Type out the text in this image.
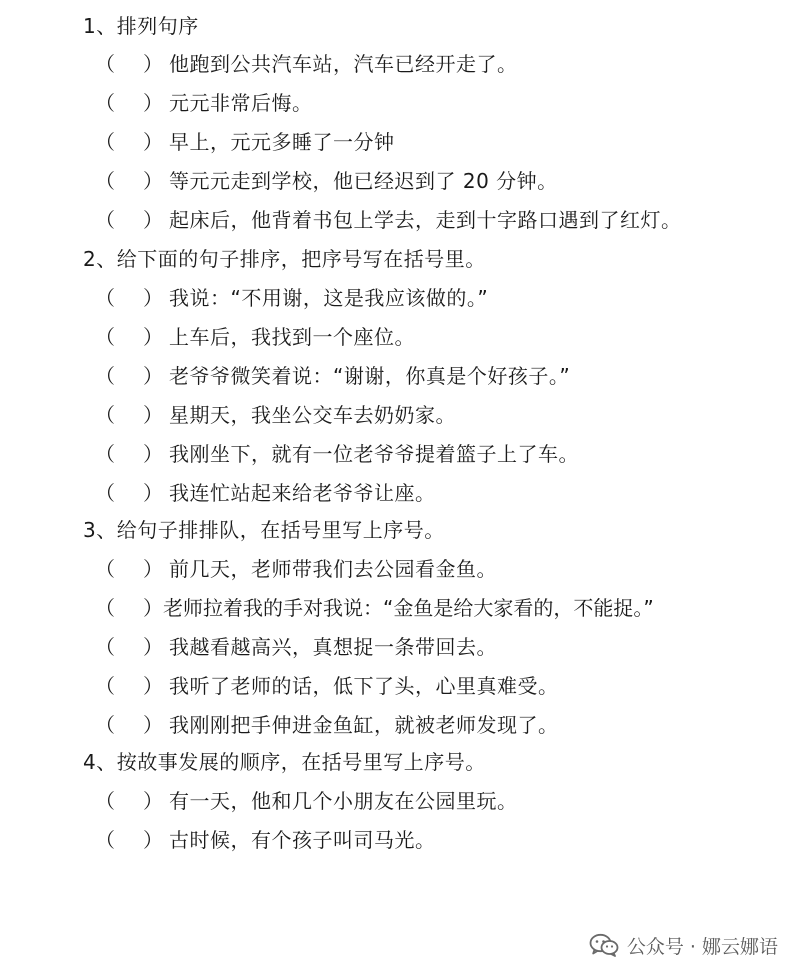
1、排列句序
（ ） 他跑到公共汽车站，汽车已经开走了。
（ ） 元元非常后悔。
（ ） 早上，元元多睡了一分钟
（ ） 等元元走到学校，他已经迟到了 20 分钟。
（ ） 起床后，他背着书包上学去，走到十字路口遇到了红灯。
2、给下面的句子排序，把序号写在括号里。
（ ） 我说：“不用谢，这是我应该做的。”
（ ） 上车后，我找到一个座位。
（ ） 老爷爷微笑着说：“谢谢，你真是个好孩子。”
（ ） 星期天，我坐公交车去奶奶家。
（ ） 我刚坐下，就有一位老爷爷提着篮子上了车。
（ ） 我连忙站起来给老爷爷让座。
3、给句子排排队，在括号里写上序号。
（ ） 前几天，老师带我们去公园看金鱼。
（ ）老师拉着我的手对我说：“金鱼是给大家看的，不能捉。”
（ ） 我越看越高兴，真想捉一条带回去。
（ ） 我听了老师的话，低下了头，心里真难受。
（ ） 我刚刚把手伸进金鱼缸，就被老师发现了。
4、按故事发展的顺序，在括号里写上序号。
（ ） 有一天，他和几个小朋友在公园里玩。
（ ） 古时候，有个孩子叫司马光。
公众号 · 娜云娜语
